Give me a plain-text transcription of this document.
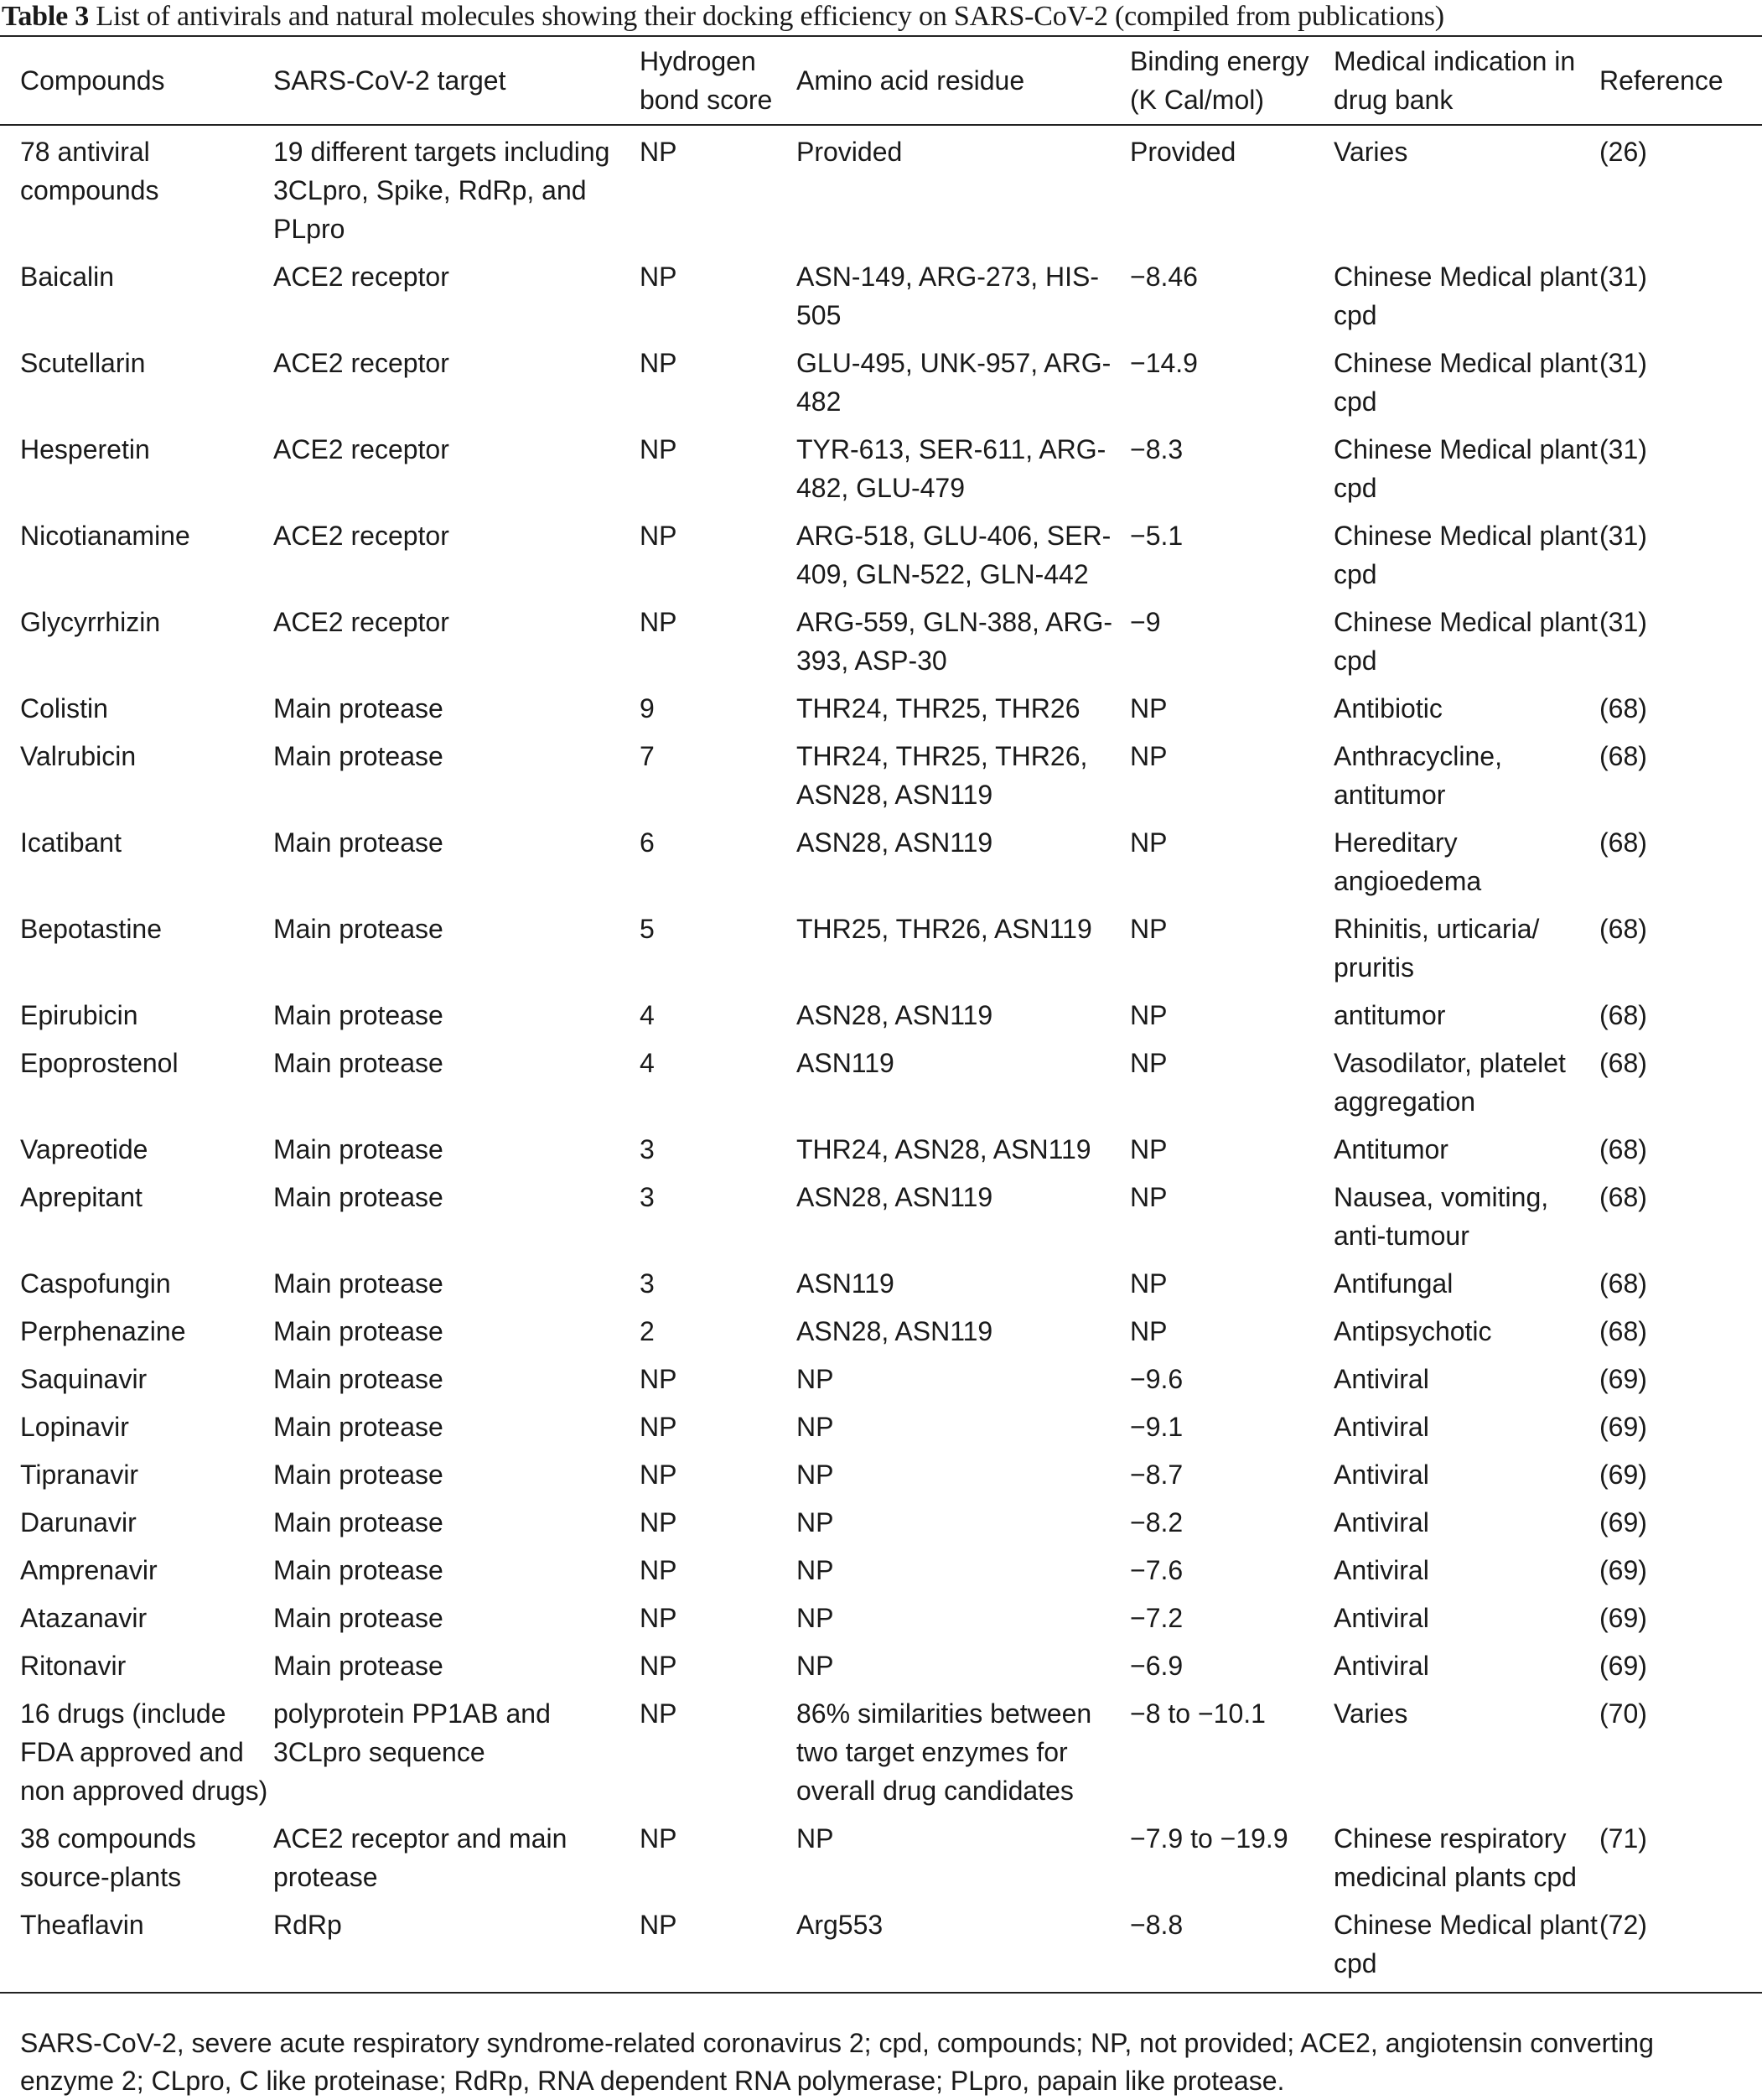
Table 3 List of antivirals and natural molecules showing their docking efficiency on SARS-CoV-2 (compiled from publications)
Compounds	SARS-CoV-2 target	Hydrogen bond score	Amino acid residue	Binding energy (K Cal/mol)	Medical indication in drug bank	Reference
78 antiviral compounds	19 different targets including 3CLpro, Spike, RdRp, and PLpro	NP	Provided	Provided	Varies	(26)
Baicalin	ACE2 receptor	NP	ASN-149, ARG-273, HIS-505	−8.46	Chinese Medical plant cpd	(31)
Scutellarin	ACE2 receptor	NP	GLU-495, UNK-957, ARG-482	−14.9	Chinese Medical plant cpd	(31)
Hesperetin	ACE2 receptor	NP	TYR-613, SER-611, ARG-482, GLU-479	−8.3	Chinese Medical plant cpd	(31)
Nicotianamine	ACE2 receptor	NP	ARG-518, GLU-406, SER-409, GLN-522, GLN-442	−5.1	Chinese Medical plant cpd	(31)
Glycyrrhizin	ACE2 receptor	NP	ARG-559, GLN-388, ARG-393, ASP-30	−9	Chinese Medical plant cpd	(31)
Colistin	Main protease	9	THR24, THR25, THR26	NP	Antibiotic	(68)
Valrubicin	Main protease	7	THR24, THR25, THR26, ASN28, ASN119	NP	Anthracycline, antitumor	(68)
Icatibant	Main protease	6	ASN28, ASN119	NP	Hereditary angioedema	(68)
Bepotastine	Main protease	5	THR25, THR26, ASN119	NP	Rhinitis, urticaria/ pruritis	(68)
Epirubicin	Main protease	4	ASN28, ASN119	NP	antitumor	(68)
Epoprostenol	Main protease	4	ASN119	NP	Vasodilator, platelet aggregation	(68)
Vapreotide	Main protease	3	THR24, ASN28, ASN119	NP	Antitumor	(68)
Aprepitant	Main protease	3	ASN28, ASN119	NP	Nausea, vomiting, anti-tumour	(68)
Caspofungin	Main protease	3	ASN119	NP	Antifungal	(68)
Perphenazine	Main protease	2	ASN28, ASN119	NP	Antipsychotic	(68)
Saquinavir	Main protease	NP	NP	−9.6	Antiviral	(69)
Lopinavir	Main protease	NP	NP	−9.1	Antiviral	(69)
Tipranavir	Main protease	NP	NP	−8.7	Antiviral	(69)
Darunavir	Main protease	NP	NP	−8.2	Antiviral	(69)
Amprenavir	Main protease	NP	NP	−7.6	Antiviral	(69)
Atazanavir	Main protease	NP	NP	−7.2	Antiviral	(69)
Ritonavir	Main protease	NP	NP	−6.9	Antiviral	(69)
16 drugs (include FDA approved and non approved drugs)	polyprotein PP1AB and 3CLpro sequence	NP	86% similarities between two target enzymes for overall drug candidates	−8 to −10.1	Varies	(70)
38 compounds source-plants	ACE2 receptor and main protease	NP	NP	−7.9 to −19.9	Chinese respiratory medicinal plants cpd	(71)
Theaflavin	RdRp	NP	Arg553	−8.8	Chinese Medical plant cpd	(72)
SARS-CoV-2, severe acute respiratory syndrome-related coronavirus 2; cpd, compounds; NP, not provided; ACE2, angiotensin converting enzyme 2; CLpro, C like proteinase; RdRp, RNA dependent RNA polymerase; PLpro, papain like protease.
